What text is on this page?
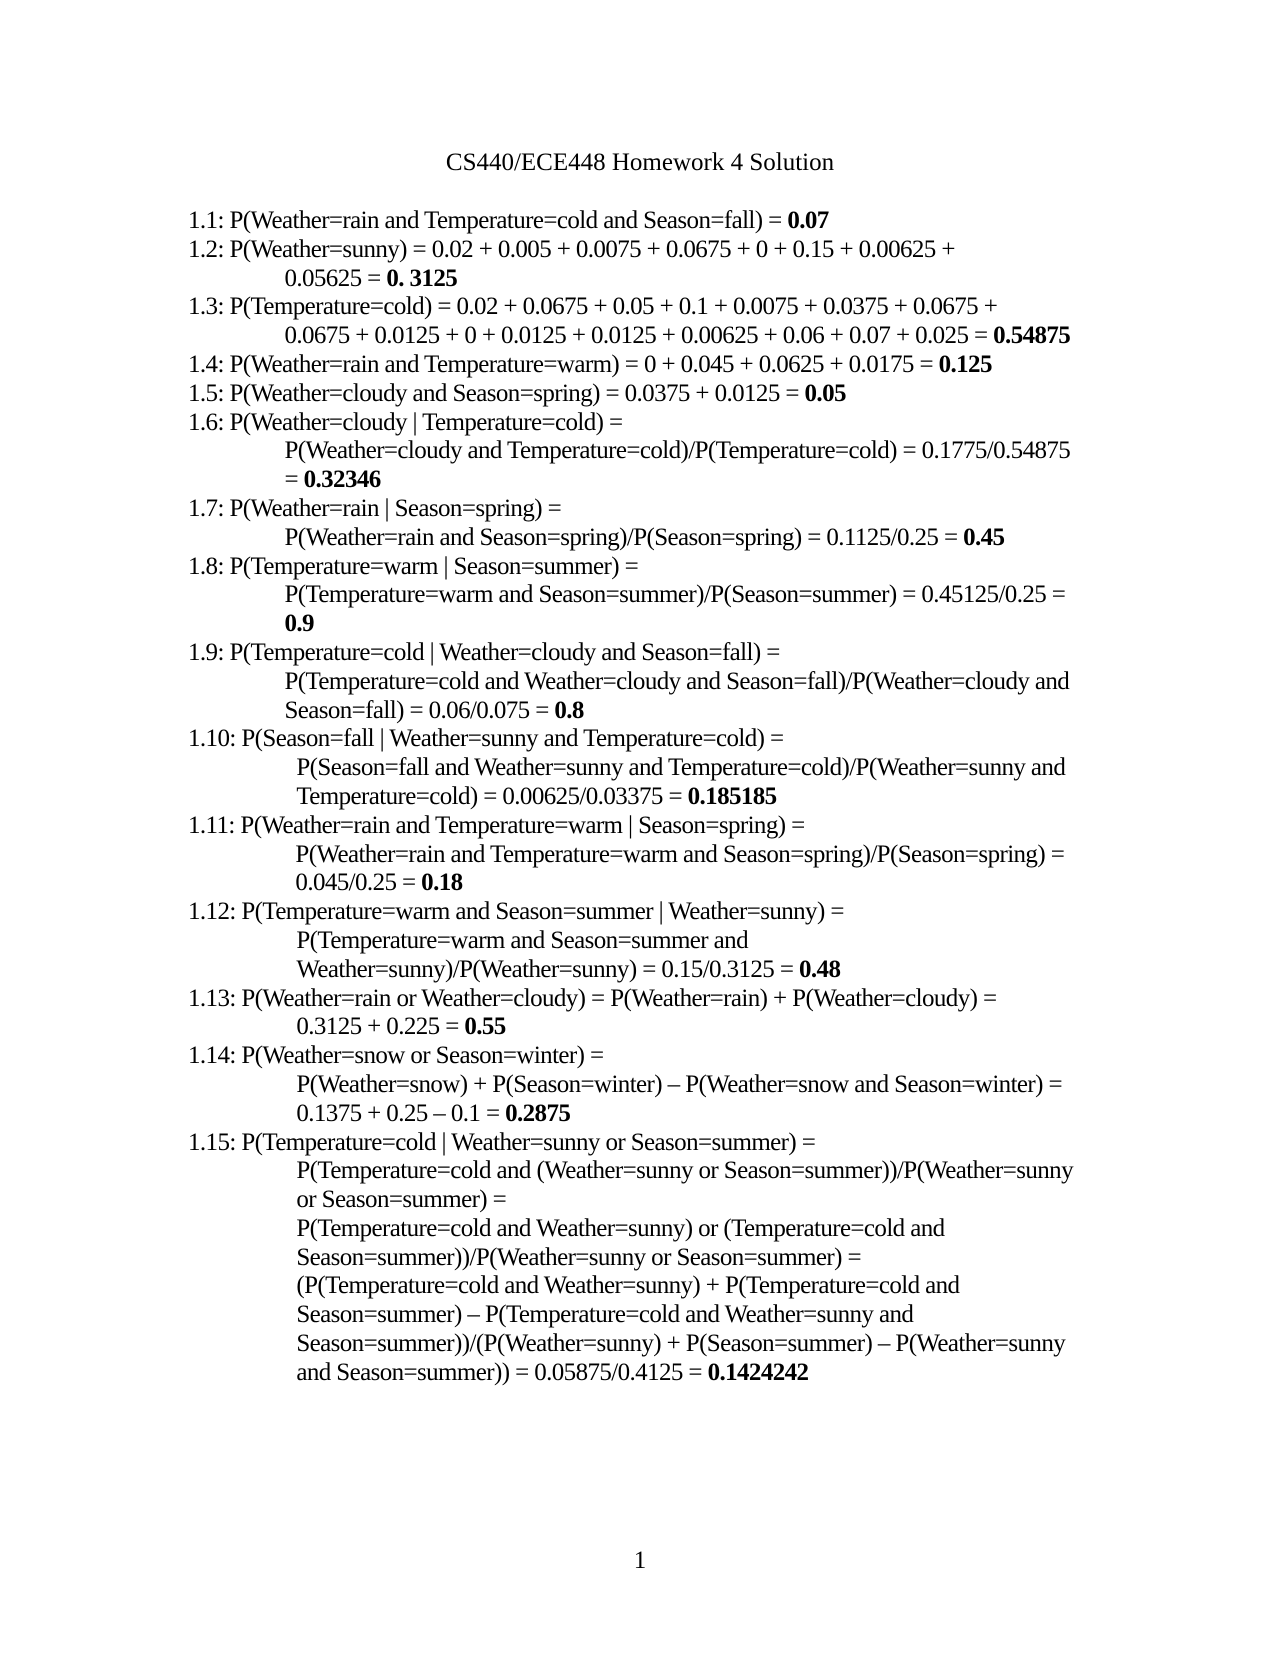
CS440/ECE448 Homework 4 Solution
1.1: P(Weather=rain and Temperature=cold and Season=fall) = 0.07
1.2: P(Weather=sunny) = 0.02 + 0.005 + 0.0075 + 0.0675 + 0 + 0.15 + 0.00625 +
0.05625 = 0. 3125
1.3: P(Temperature=cold) = 0.02 + 0.0675 + 0.05 + 0.1 + 0.0075 + 0.0375 + 0.0675 +
0.0675 + 0.0125 + 0 + 0.0125 + 0.0125 + 0.00625 + 0.06 + 0.07 + 0.025 = 0.54875
1.4: P(Weather=rain and Temperature=warm) = 0 + 0.045 + 0.0625 + 0.0175 = 0.125
1.5: P(Weather=cloudy and Season=spring) = 0.0375 + 0.0125 = 0.05
1.6: P(Weather=cloudy | Temperature=cold) =
P(Weather=cloudy and Temperature=cold)/P(Temperature=cold) = 0.1775/0.54875
= 0.32346
1.7: P(Weather=rain | Season=spring) =
P(Weather=rain and Season=spring)/P(Season=spring) = 0.1125/0.25 = 0.45
1.8: P(Temperature=warm | Season=summer) =
P(Temperature=warm and Season=summer)/P(Season=summer) = 0.45125/0.25 =
0.9
1.9: P(Temperature=cold | Weather=cloudy and Season=fall) =
P(Temperature=cold and Weather=cloudy and Season=fall)/P(Weather=cloudy and
Season=fall) = 0.06/0.075 = 0.8
1.10: P(Season=fall | Weather=sunny and Temperature=cold) =
P(Season=fall and Weather=sunny and Temperature=cold)/P(Weather=sunny and
Temperature=cold) = 0.00625/0.03375 = 0.185185
1.11: P(Weather=rain and Temperature=warm | Season=spring) =
P(Weather=rain and Temperature=warm and Season=spring)/P(Season=spring) =
0.045/0.25 = 0.18
1.12: P(Temperature=warm and Season=summer | Weather=sunny) =
P(Temperature=warm and Season=summer and
Weather=sunny)/P(Weather=sunny) = 0.15/0.3125 = 0.48
1.13: P(Weather=rain or Weather=cloudy) = P(Weather=rain) + P(Weather=cloudy) =
0.3125 + 0.225 = 0.55
1.14: P(Weather=snow or Season=winter) =
P(Weather=snow) + P(Season=winter) – P(Weather=snow and Season=winter) =
0.1375 + 0.25 – 0.1 = 0.2875
1.15: P(Temperature=cold | Weather=sunny or Season=summer) =
P(Temperature=cold and (Weather=sunny or Season=summer))/P(Weather=sunny
or Season=summer) =
P(Temperature=cold and Weather=sunny) or (Temperature=cold and
Season=summer))/P(Weather=sunny or Season=summer) =
(P(Temperature=cold and Weather=sunny) + P(Temperature=cold and
Season=summer) – P(Temperature=cold and Weather=sunny and
Season=summer))/(P(Weather=sunny) + P(Season=summer) – P(Weather=sunny
and Season=summer)) = 0.05875/0.4125 = 0.1424242
1
